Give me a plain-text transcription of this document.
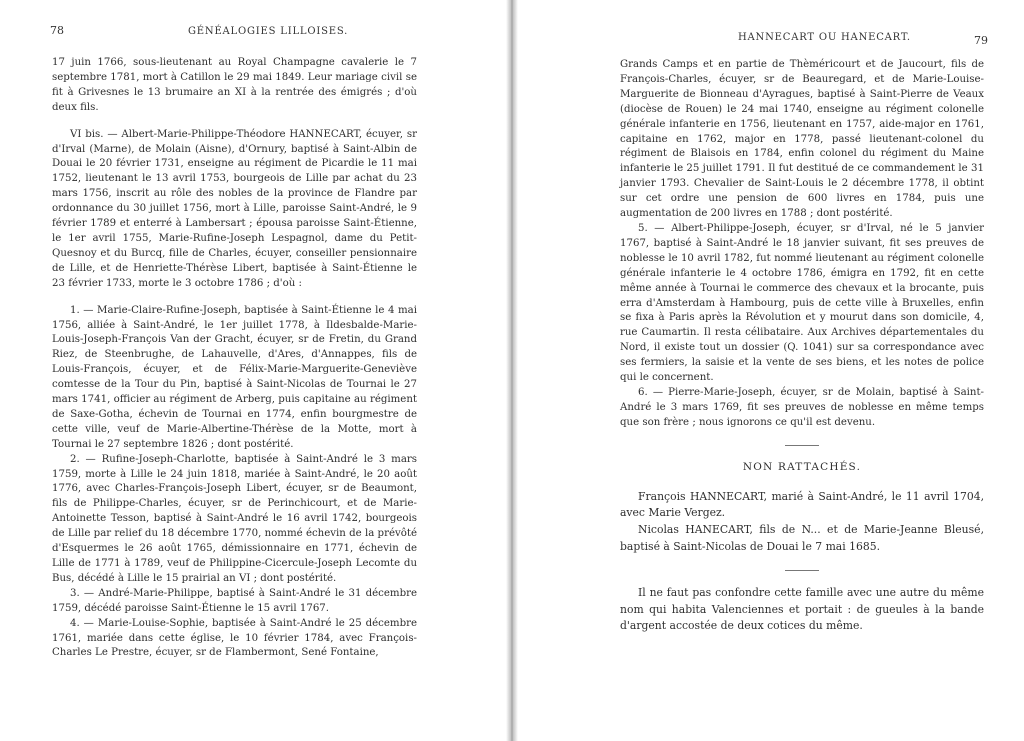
78	GÉNÉALOGIES LILLOISES.

17 juin 1766, sous-lieutenant au Royal Champagne cavalerie le 7 septembre 1781, mort à Catillon le 29 mai 1849. Leur mariage civil se fit à Grivesnes le 13 brumaire an XI à la rentrée des émigrés ; d'où deux fils.

VI bis. — Albert-Marie-Philippe-Théodore HANNECART, écuyer, sr d'Irval (Marne), de Molain (Aisne), d'Ornury, baptisé à Saint-Albin de Douai le 20 février 1731, enseigne au régiment de Picardie le 11 mai 1752, lieutenant le 13 avril 1753, bourgeois de Lille par achat du 23 mars 1756, inscrit au rôle des nobles de la province de Flandre par ordonnance du 30 juillet 1756, mort à Lille, paroisse Saint-André, le 9 février 1789 et enterré à Lambersart ; épousa paroisse Saint-Étienne, le 1er avril 1755, Marie-Rufine-Joseph Lespagnol, dame du Petit-Quesnoy et du Burcq, fille de Charles, écuyer, conseiller pensionnaire de Lille, et de Henriette-Thérèse Libert, baptisée à Saint-Étienne le 23 février 1733, morte le 3 octobre 1786 ; d'où :

1. — Marie-Claire-Rufine-Joseph, baptisée à Saint-Étienne le 4 mai 1756, alliée à Saint-André, le 1er juillet 1778, à Ildesbalde-Marie-Louis-Joseph-François Van der Gracht, écuyer, sr de Fretin, du Grand Riez, de Steenbrughe, de Lahauvelle, d'Ares, d'Annappes, fils de Louis-François, écuyer, et de Félix-Marie-Marguerite-Geneviève comtesse de la Tour du Pin, baptisé à Saint-Nicolas de Tournai le 27 mars 1741, officier au régiment de Arberg, puis capitaine au régiment de Saxe-Gotha, échevin de Tournai en 1774, enfin bourgmestre de cette ville, veuf de Marie-Albertine-Thérèse de la Motte, mort à Tournai le 27 septembre 1826 ; dont postérité.

2. — Rufine-Joseph-Charlotte, baptisée à Saint-André le 3 mars 1759, morte à Lille le 24 juin 1818, mariée à Saint-André, le 20 août 1776, avec Charles-François-Joseph Libert, écuyer, sr de Beaumont, fils de Philippe-Charles, écuyer, sr de Perinchicourt, et de Marie-Antoinette Tesson, baptisé à Saint-André le 16 avril 1742, bourgeois de Lille par relief du 18 décembre 1770, nommé échevin de la prévôté d'Esquermes le 26 août 1765, démissionnaire en 1771, échevin de Lille de 1771 à 1789, veuf de Philippine-Cicercule-Joseph Lecomte du Bus, décédé à Lille le 15 prairial an VI ; dont postérité.

3. — André-Marie-Philippe, baptisé à Saint-André le 31 décembre 1759, décédé paroisse Saint-Étienne le 15 avril 1767.

4. — Marie-Louise-Sophie, baptisée à Saint-André le 25 décembre 1761, mariée dans cette église, le 10 février 1784, avec François-Charles Le Prestre, écuyer, sr de Flambermont, Sené Fontaine,

HANNECART OU HANECART.	79

Grands Camps et en partie de Thèméricourt et de Jaucourt, fils de François-Charles, écuyer, sr de Beauregard, et de Marie-Louise-Marguerite de Bionneau d'Ayragues, baptisé à Saint-Pierre de Veaux (diocèse de Rouen) le 24 mai 1740, enseigne au régiment colonelle générale infanterie en 1756, lieutenant en 1757, aide-major en 1761, capitaine en 1762, major en 1778, passé lieutenant-colonel du régiment de Blaisois en 1784, enfin colonel du régiment du Maine infanterie le 25 juillet 1791. Il fut destitué de ce commandement le 31 janvier 1793. Chevalier de Saint-Louis le 2 décembre 1778, il obtint sur cet ordre une pension de 600 livres en 1784, puis une augmentation de 200 livres en 1788 ; dont postérité.

5. — Albert-Philippe-Joseph, écuyer, sr d'Irval, né le 5 janvier 1767, baptisé à Saint-André le 18 janvier suivant, fit ses preuves de noblesse le 10 avril 1782, fut nommé lieutenant au régiment colonelle générale infanterie le 4 octobre 1786, émigra en 1792, fit en cette même année à Tournai le commerce des chevaux et la brocante, puis erra d'Amsterdam à Hambourg, puis de cette ville à Bruxelles, enfin se fixa à Paris après la Révolution et y mourut dans son domicile, 4, rue Caumartin. Il resta célibataire. Aux Archives départementales du Nord, il existe tout un dossier (Q. 1041) sur sa correspondance avec ses fermiers, la saisie et la vente de ses biens, et les notes de police qui le concernent.

6. — Pierre-Marie-Joseph, écuyer, sr de Molain, baptisé à Saint-André le 3 mars 1769, fit ses preuves de noblesse en même temps que son frère ; nous ignorons ce qu'il est devenu.

NON RATTACHÉS.

François HANNECART, marié à Saint-André, le 11 avril 1704, avec Marie Vergez.

Nicolas HANECART, fils de N... et de Marie-Jeanne Bleusé, baptisé à Saint-Nicolas de Douai le 7 mai 1685.

Il ne faut pas confondre cette famille avec une autre du même nom qui habita Valenciennes et portait : de gueules à la bande d'argent accostée de deux cotices du même.
